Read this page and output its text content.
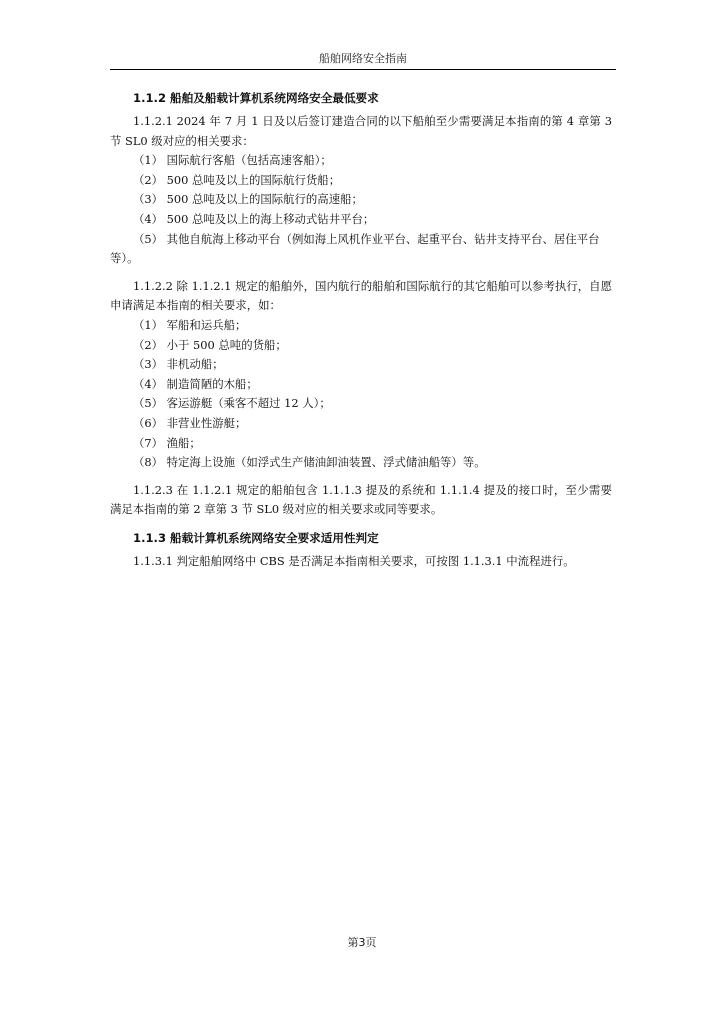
船舶网络安全指南
1.1.2 船舶及船载计算机系统网络安全最低要求

1.1.2.1 2024 年 7 月 1 日及以后签订建造合同的以下船舶至少需要满足本指南的第 4 章第 3 节 SL0 级对应的相关要求：

（1） 国际航行客船（包括高速客船）；
（2） 500 总吨及以上的国际航行货船；
（3） 500 总吨及以上的国际航行的高速船；
（4） 500 总吨及以上的海上移动式钻井平台；
（5） 其他自航海上移动平台（例如海上风机作业平台、起重平台、钻井支持平台、居住平台等）。

1.1.2.2 除 1.1.2.1 规定的船舶外，国内航行的船舶和国际航行的其它船舶可以参考执行，自愿申请满足本指南的相关要求，如：

（1） 军船和运兵船；
（2） 小于 500 总吨的货船；
（3） 非机动船；
（4） 制造简陋的木船；
（5） 客运游艇（乘客不超过 12 人）；
（6） 非营业性游艇；
（7） 渔船；
（8） 特定海上设施（如浮式生产储油卸油装置、浮式储油船等）等。

1.1.2.3 在 1.1.2.1 规定的船舶包含 1.1.1.3 提及的系统和 1.1.1.4 提及的接口时，至少需要满足本指南的第 2 章第 3 节 SL0 级对应的相关要求或同等要求。

1.1.3 船载计算机系统网络安全要求适用性判定

1.1.3.1 判定船舶网络中 CBS 是否满足本指南相关要求，可按图 1.1.3.1 中流程进行。

第3页
